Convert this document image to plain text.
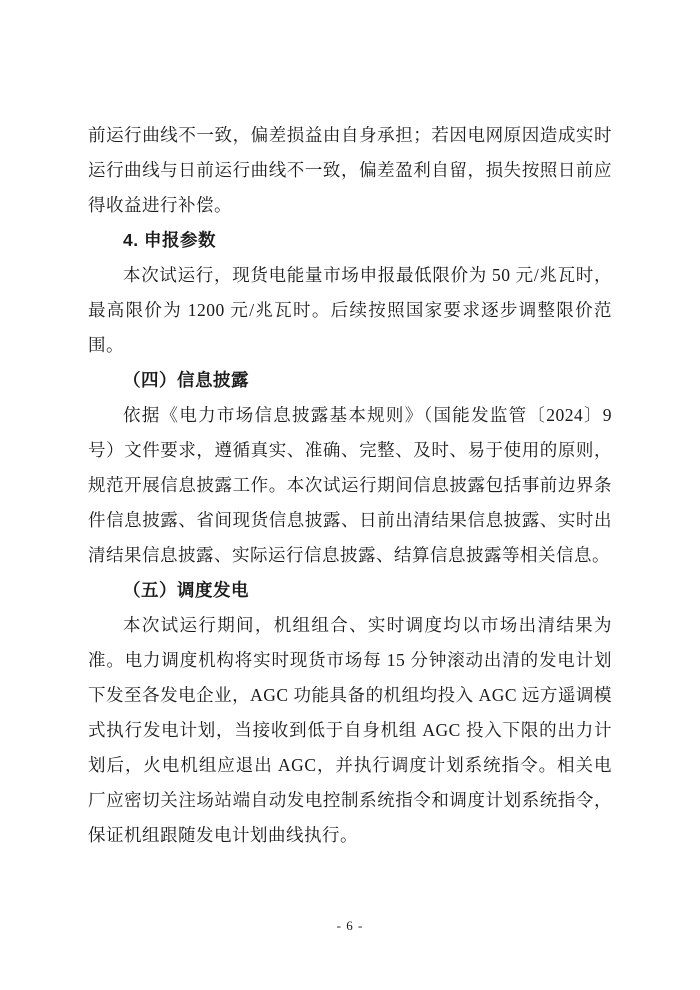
前运行曲线不一致，偏差损益由自身承担；若因电网原因造成实时运行曲线与日前运行曲线不一致，偏差盈利自留，损失按照日前应得收益进行补偿。

4. 申报参数

本次试运行，现货电能量市场申报最低限价为 50 元/兆瓦时，最高限价为 1200 元/兆瓦时。后续按照国家要求逐步调整限价范围。

（四）信息披露

依据《电力市场信息披露基本规则》（国能发监管〔2024〕9 号）文件要求，遵循真实、准确、完整、及时、易于使用的原则，规范开展信息披露工作。本次试运行期间信息披露包括事前边界条件信息披露、省间现货信息披露、日前出清结果信息披露、实时出清结果信息披露、实际运行信息披露、结算信息披露等相关信息。

（五）调度发电

本次试运行期间，机组组合、实时调度均以市场出清结果为准。电力调度机构将实时现货市场每 15 分钟滚动出清的发电计划下发至各发电企业，AGC 功能具备的机组均投入 AGC 远方遥调模式执行发电计划，当接收到低于自身机组 AGC 投入下限的出力计划后，火电机组应退出 AGC，并执行调度计划系统指令。相关电厂应密切关注场站端自动发电控制系统指令和调度计划系统指令，保证机组跟随发电计划曲线执行。

- 6 -
